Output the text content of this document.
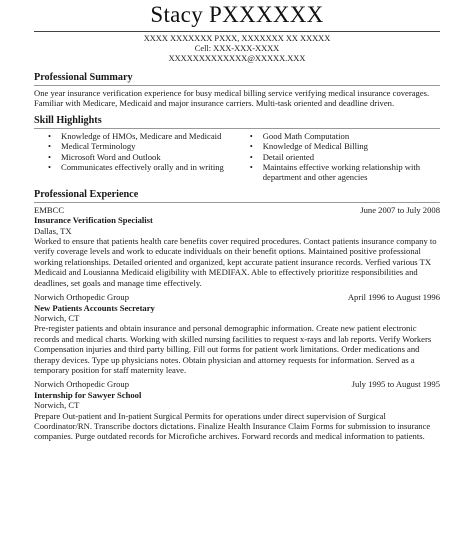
Stacy PXXXXXX
XXXX XXXXXXX PXXX, XXXXXXX XX XXXXX
Cell: XXX-XXX-XXXX
XXXXXXXXXXXXX@XXXXX.XXX
Professional Summary

One year insurance verification experience for busy medical billing service verifying medical insurance coverages. Familiar with Medicare, Medicaid and major insurance carriers. Multi-task oriented and deadline driven.

Skill Highlights
• Knowledge of HMOs, Medicare and Medicaid
• Medical Terminology
• Microsoft Word and Outlook
• Communicates effectively orally and in writing
• Good Math Computation
• Knowledge of Medical Billing
• Detail oriented
• Maintains effective working relationship with department and other agencies
Professional Experience
EMBCC	June 2007 to July 2008
Insurance Verification Specialist
Dallas, TX

Worked to ensure that patients health care benefits cover required procedures. Contact patients insurance company to verify coverage levels and work to educate individuals on their benefit options. Maintained positive professional working relationships. Detailed oriented and organized, kept accurate patient insurance records. Verfied various TX Medicaid and Lousianna Medicaid eligibility with MEDIFAX. Able to effectively prioritize responsibilities and deadlines, set goals and manage time effectively.

Norwich Orthopedic Group	April 1996 to August 1996
New Patients Accounts Secretary
Norwich, CT

Pre-register patients and obtain insurance and personal demographic information. Create new patient electronic records and medical charts. Working with skilled nursing facilities to request x-rays and lab reports. Verify Workers Compensation injuries and third party billing. Fill out forms for patient work limitations. Order medications and therapy devices. Type up physicians notes. Obtain physician and attorney requests for information. Served as a temporary position for staff maternity leave.

Norwich Orthopedic Group	July 1995 to August 1995
Internship for Sawyer School
Norwich, CT

Prepare Out-patient and In-patient Surgical Permits for operations under direct supervision of Surgical Coordinator/RN. Transcribe doctors dictations. Finalize Health Insurance Claim Forms for submission to insurance companies. Purge outdated records for Microfiche archives. Forward records and medical information to patients.
